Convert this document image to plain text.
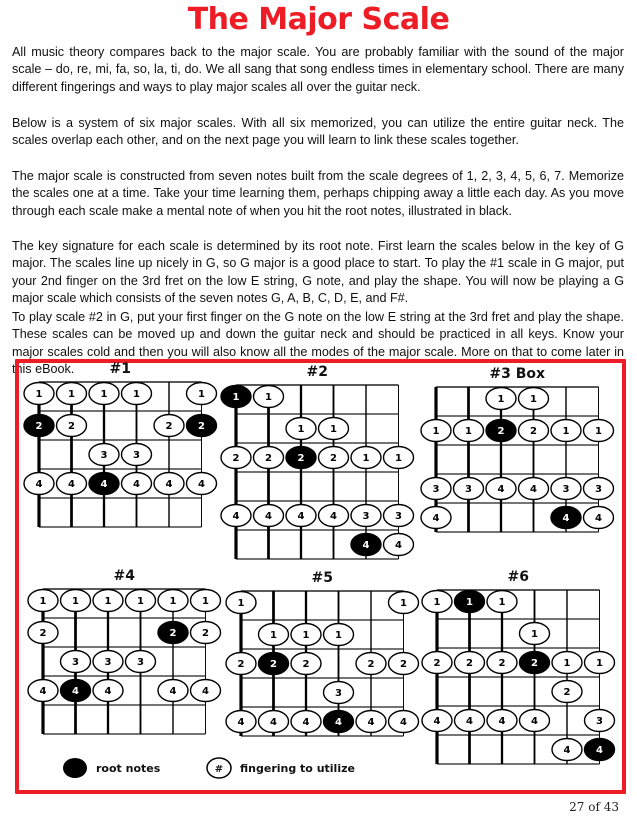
The Major Scale

All music theory compares back to the major scale. You are probably familiar with the sound of the major scale – do, re, mi, fa, so, la, ti, do. We all sang that song endless times in elementary school. There are many different fingerings and ways to play major scales all over the guitar neck.

Below is a system of six major scales. With all six memorized, you can utilize the entire guitar neck. The scales overlap each other, and on the next page you will learn to link these scales together.

The major scale is constructed from seven notes built from the scale degrees of 1, 2, 3, 4, 5, 6, 7. Memorize the scales one at a time. Take your time learning them, perhaps chipping away a little each day. As you move through each scale make a mental note of when you hit the root notes, illustrated in black.

The key signature for each scale is determined by its root note. First learn the scales below in the key of G major. The scales line up nicely in G, so G major is a good place to start. To play the #1 scale in G major, put your 2nd finger on the 3rd fret on the low E string, G note, and play the shape. You will now be playing a G major scale which consists of the seven notes G, A, B, C, D, E, and F#.

To play scale #2 in G, put your first finger on the G note on the low E string at the 3rd fret and play the shape. These scales can be moved up and down the guitar neck and should be practiced in all keys. Know your major scales cold and then you will also know all the modes of the major scale. More on that to come later in this eBook.

root notes	# fingering to utilize
#1
1	1	1	1	1
2	2	2	2
3	3
4	4	4	4	4	4
#2
1	1
1	1
2	2	2	2	1	1
4	4	4	4	3	3
4	4
#3 Box
1	1
1	1	2	2	1	1
3	3	4	4	3	3
4	4	4
#4
1	1	1	1	1	1
2	2	2
3	3	3
4	4	4	4	4
#5
1	1
1	1	1
2	2	2	2	2
3
4	4	4	4	4	4
#6
1	1	1
1
2	2	2	2	1	1
2
4	4	4	4	3
4	4
27 of 43
